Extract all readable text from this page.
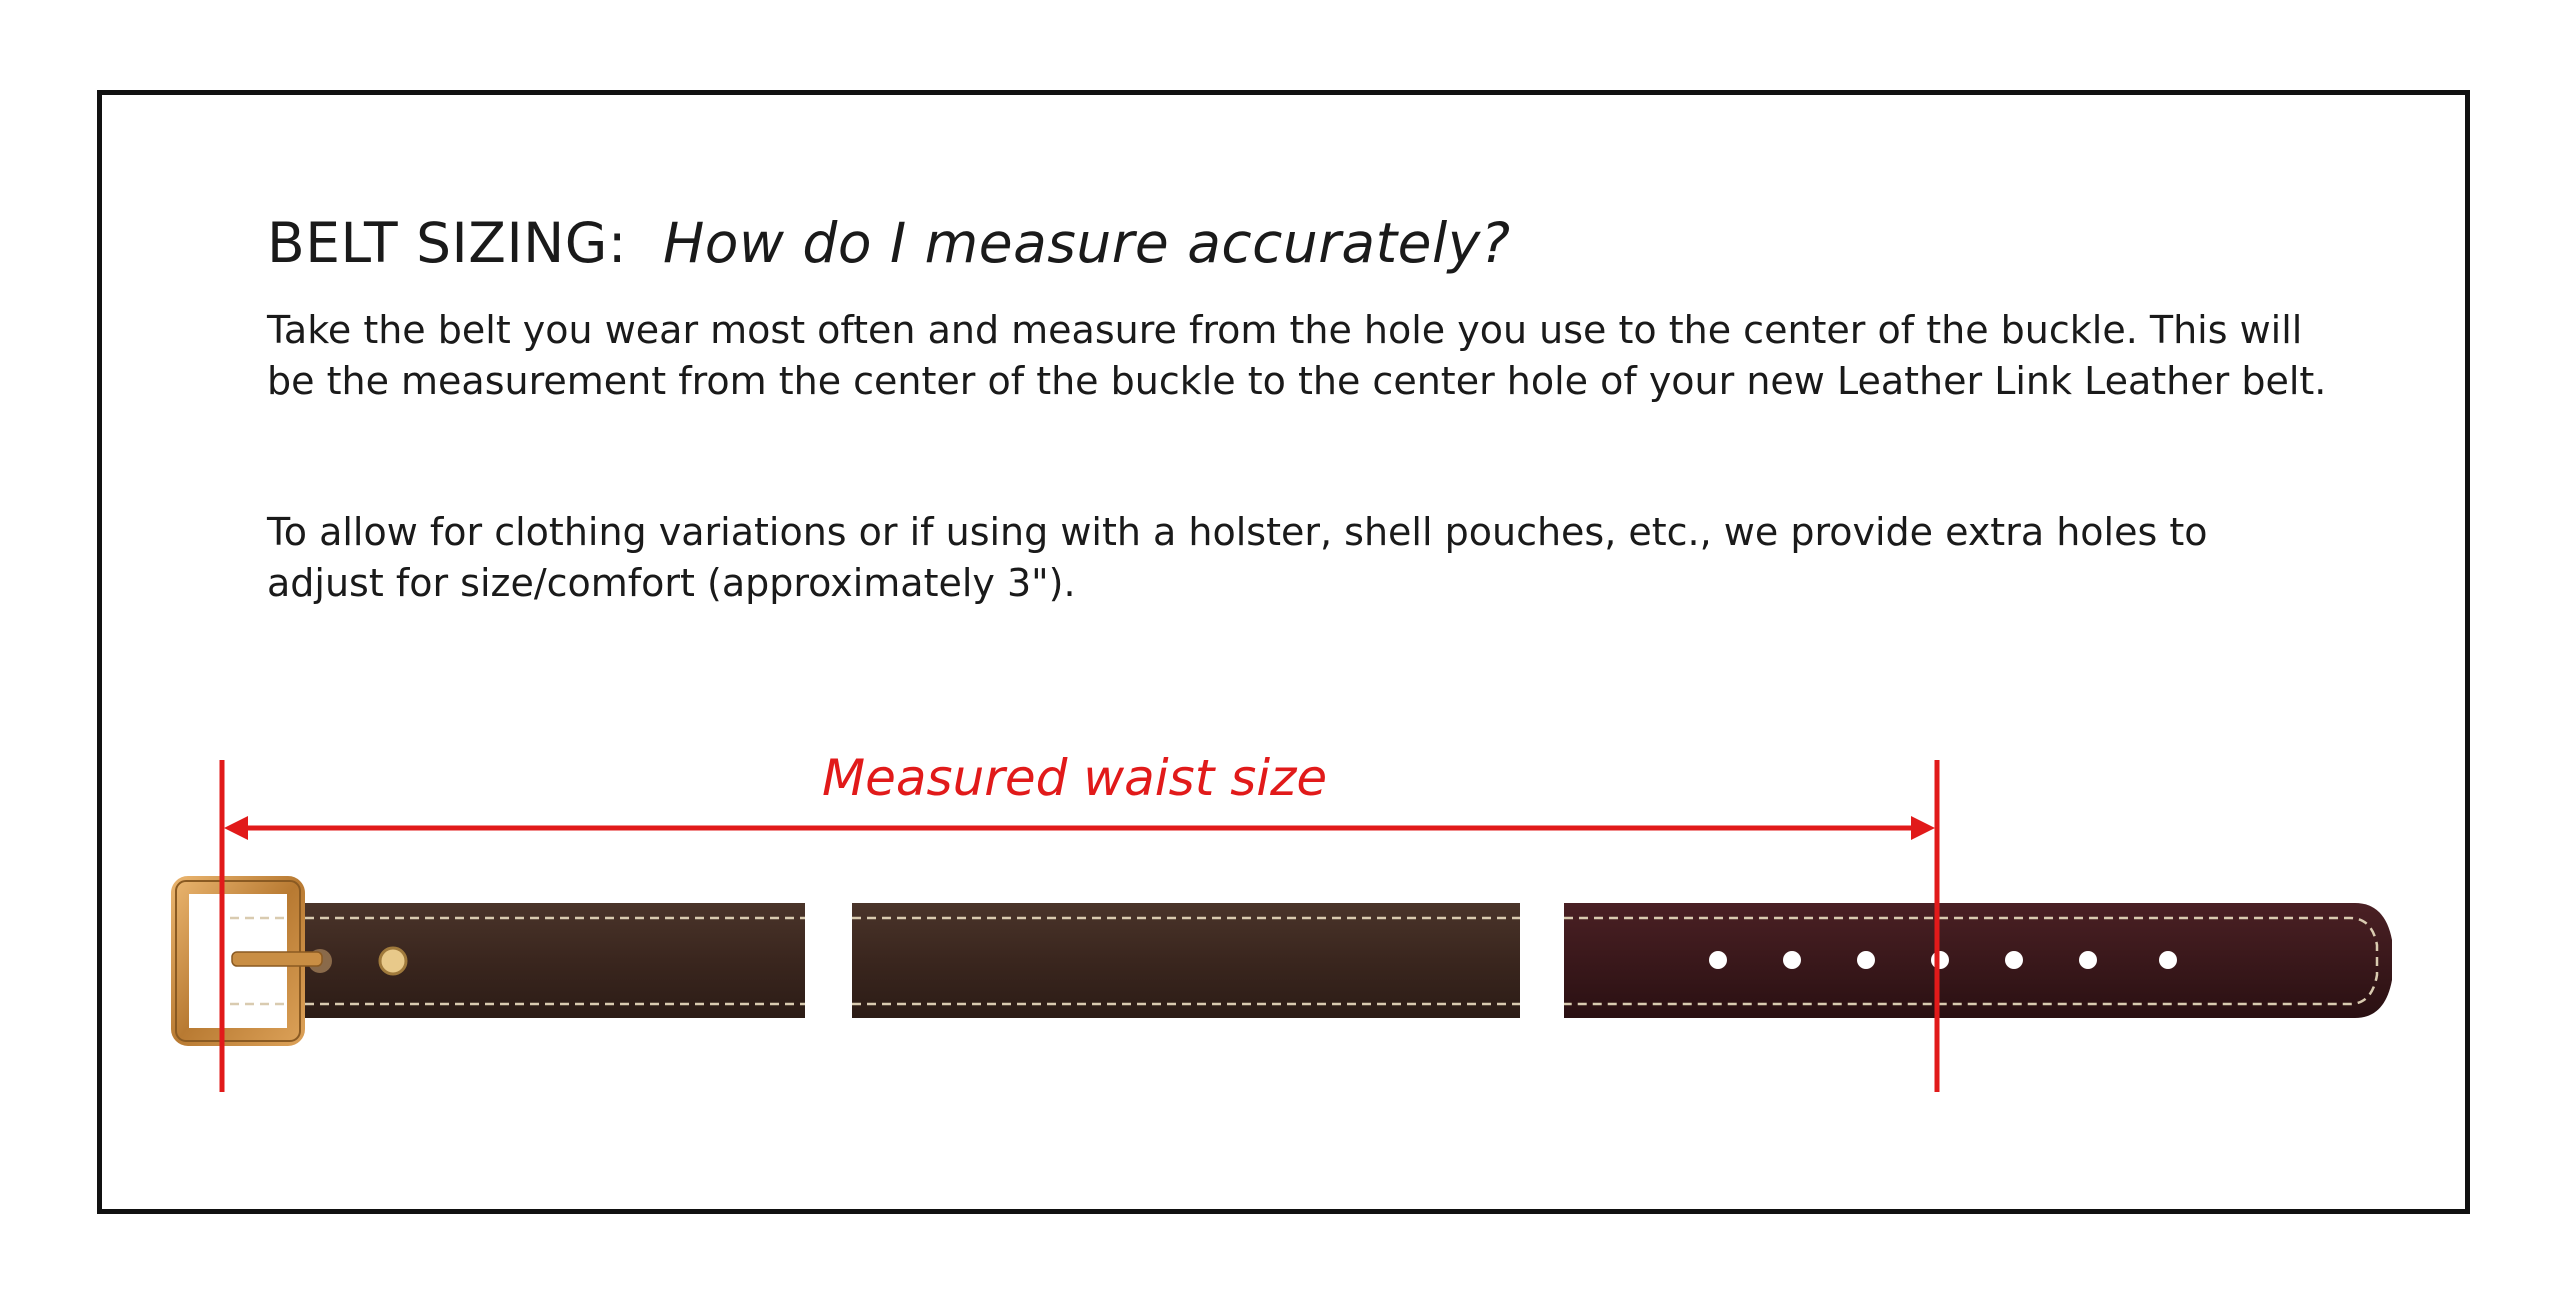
BELT SIZING: How do I measure accurately?
Take the belt you wear most often and measure from the hole you use to the center of the buckle. This will be the measurement from the center of the buckle to the center hole of your new Leather Link Leather belt.
To allow for clothing variations or if using with a holster, shell pouches, etc., we provide extra holes to adjust for size/comfort (approximately 3").
Measured waist size
